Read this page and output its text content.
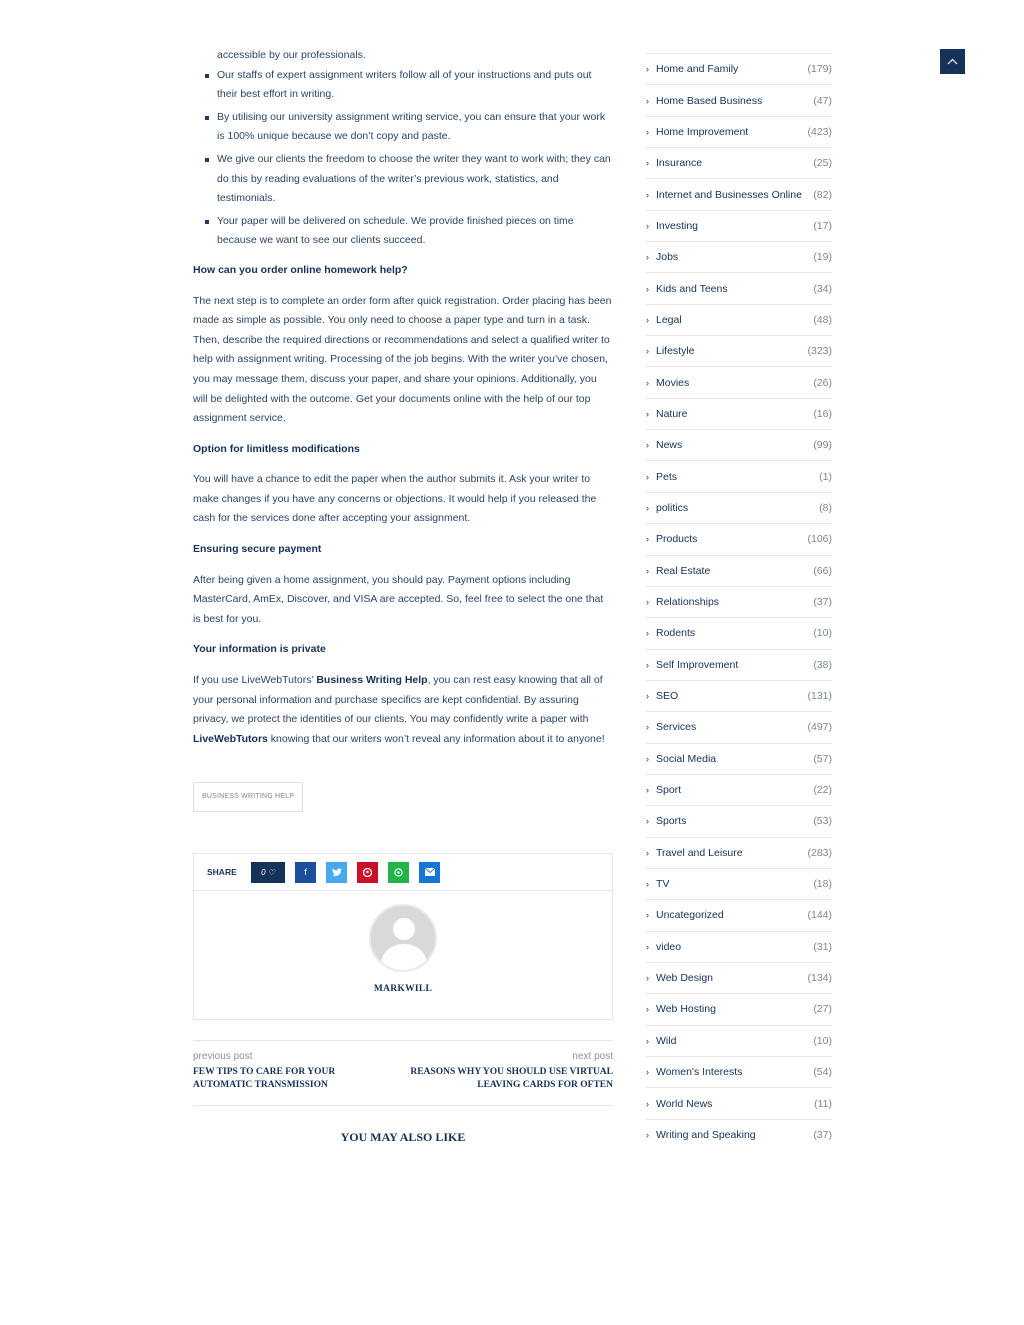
accessible by our professionals.
Our staffs of expert assignment writers follow all of your instructions and puts out their best effort in writing.
By utilising our university assignment writing service, you can ensure that your work is 100% unique because we don’t copy and paste.
We give our clients the freedom to choose the writer they want to work with; they can do this by reading evaluations of the writer’s previous work, statistics, and testimonials.
Your paper will be delivered on schedule. We provide finished pieces on time because we want to see our clients succeed.
How can you order online homework help?

The next step is to complete an order form after quick registration. Order placing has been made as simple as possible. You only need to choose a paper type and turn in a task. Then, describe the required directions or recommendations and select a qualified writer to help with assignment writing. Processing of the job begins. With the writer you’ve chosen, you may message them, discuss your paper, and share your opinions. Additionally, you will be delighted with the outcome. Get your documents online with the help of our top assignment service.

Option for limitless modifications

You will have a chance to edit the paper when the author submits it. Ask your writer to make changes if you have any concerns or objections. It would help if you released the cash for the services done after accepting your assignment.

Ensuring secure payment

After being given a home assignment, you should pay. Payment options including MasterCard, AmEx, Discover, and VISA are accepted. So, feel free to select the one that is best for you.

Your information is private

If you use LiveWebTutors’ Business Writing Help, you can rest easy knowing that all of your personal information and purchase specifics are kept confidential. By assuring privacy, we protect the identities of our clients. You may confidently write a paper with LiveWebTutors knowing that our writers won’t reveal any information about it to anyone!

BUSINESS WRITING HELP
SHARE	0
♡	f
MARKWILL
previous post
FEW TIPS TO CARE FOR YOUR AUTOMATIC TRANSMISSION
next post
REASONS WHY YOU SHOULD USE VIRTUAL LEAVING CARDS FOR OFTEN
YOU MAY ALSO LIKE
› Home and Family	(179)
› Home Based Business	(47)
› Home Improvement	(423)
› Insurance	(25)
› Internet and Businesses Online	(82)
› Investing	(17)
› Jobs	(19)
› Kids and Teens	(34)
› Legal	(48)
› Lifestyle	(323)
› Movies	(26)
› Nature	(16)
› News	(99)
› Pets	(1)
› politics	(8)
› Products	(106)
› Real Estate	(66)
› Relationships	(37)
› Rodents	(10)
› Self Improvement	(38)
› SEO	(131)
› Services	(497)
› Social Media	(57)
› Sport	(22)
› Sports	(53)
› Travel and Leisure	(283)
› TV	(18)
› Uncategorized	(144)
› video	(31)
› Web Design	(134)
› Web Hosting	(27)
› Wild	(10)
› Women's Interests	(54)
› World News	(11)
› Writing and Speaking	(37)
